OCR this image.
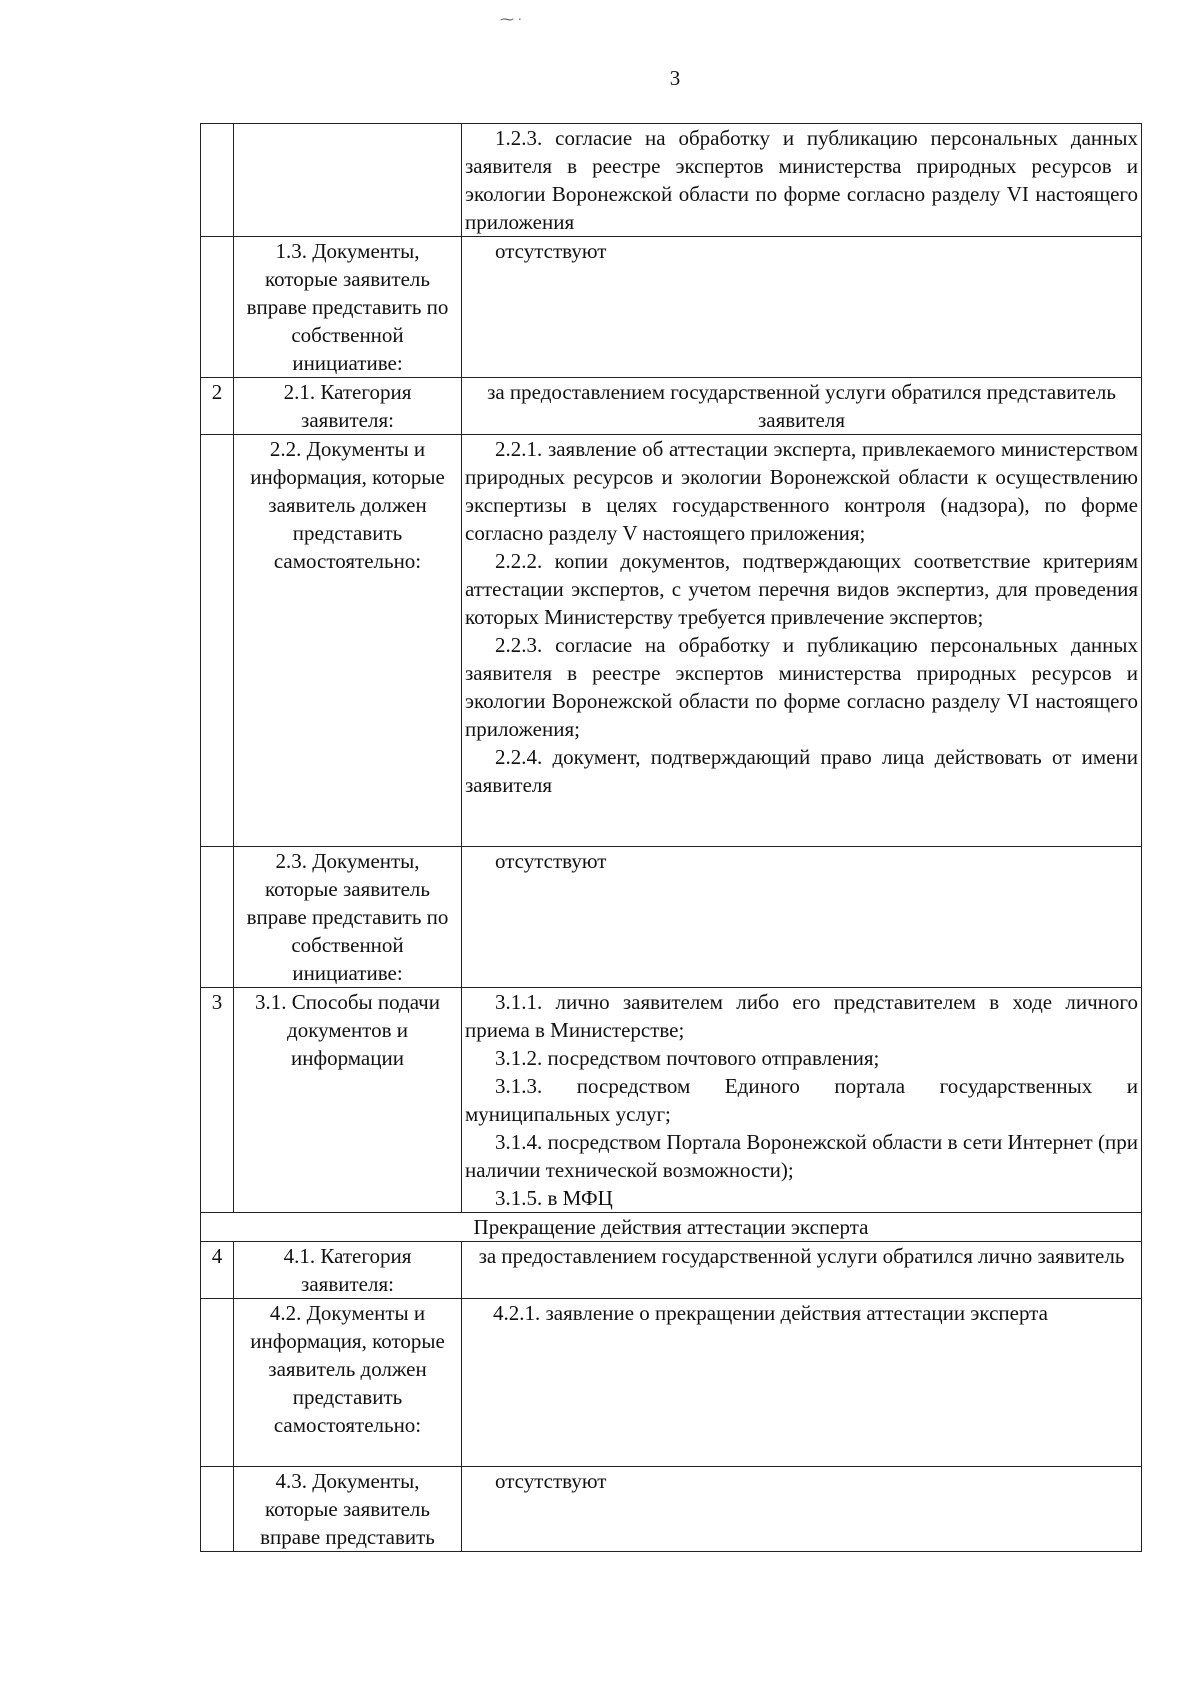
⁓ ·
3

		1.2.3. согласие на обработку и публикацию персональных данных заявителя в реестре экспертов министерства природных ресурсов и экологии Воронежской области по форме согласно разделу VI настоящего приложения

	1.3. Документы, которые заявитель вправе представить по собственной инициативе:	отсутствуют

2	2.1. Категория заявителя:	за предоставлением государственной услуги обратился представитель заявителя
	2.2. Документы и информация, которые заявитель должен представить самостоятельно:	2.2.1. заявление об аттестации эксперта, привлекаемого министерством природных ресурсов и экологии Воронежской области к осуществлению экспертизы в целях государственного контроля (надзора), по форме согласно разделу V настоящего приложения;

2.2.2. копии документов, подтверждающих соответствие критериям аттестации экспертов, с учетом перечня видов экспертиз, для проведения которых Министерству требуется привлечение экспертов;

2.2.3. согласие на обработку и публикацию персональных данных заявителя в реестре экспертов министерства природных ресурсов и экологии Воронежской области по форме согласно разделу VI настоящего приложения;

2.2.4. документ, подтверждающий право лица действовать от имени заявителя

	2.3. Документы, которые заявитель вправе представить по собственной инициативе:	отсутствуют

3	3.1. Способы подачи документов и информации	3.1.1. лично заявителем либо его представителем в ходе личного приема в Министерстве;

3.1.2. посредством почтового отправления;

3.1.3. посредством Единого портала государственных и муниципальных услуг;

3.1.4. посредством Портала Воронежской области в сети Интернет (при наличии технической возможности);

3.1.5. в МФЦ

Прекращение действия аттестации эксперта		
4	4.1. Категория заявителя:	за предоставлением государственной услуги обратился лично заявитель
	4.2. Документы и информация, которые заявитель должен представить самостоятельно:	4.2.1. заявление о прекращении действия аттестации эксперта

	4.3. Документы, которые заявитель вправе представить	отсутствуют
